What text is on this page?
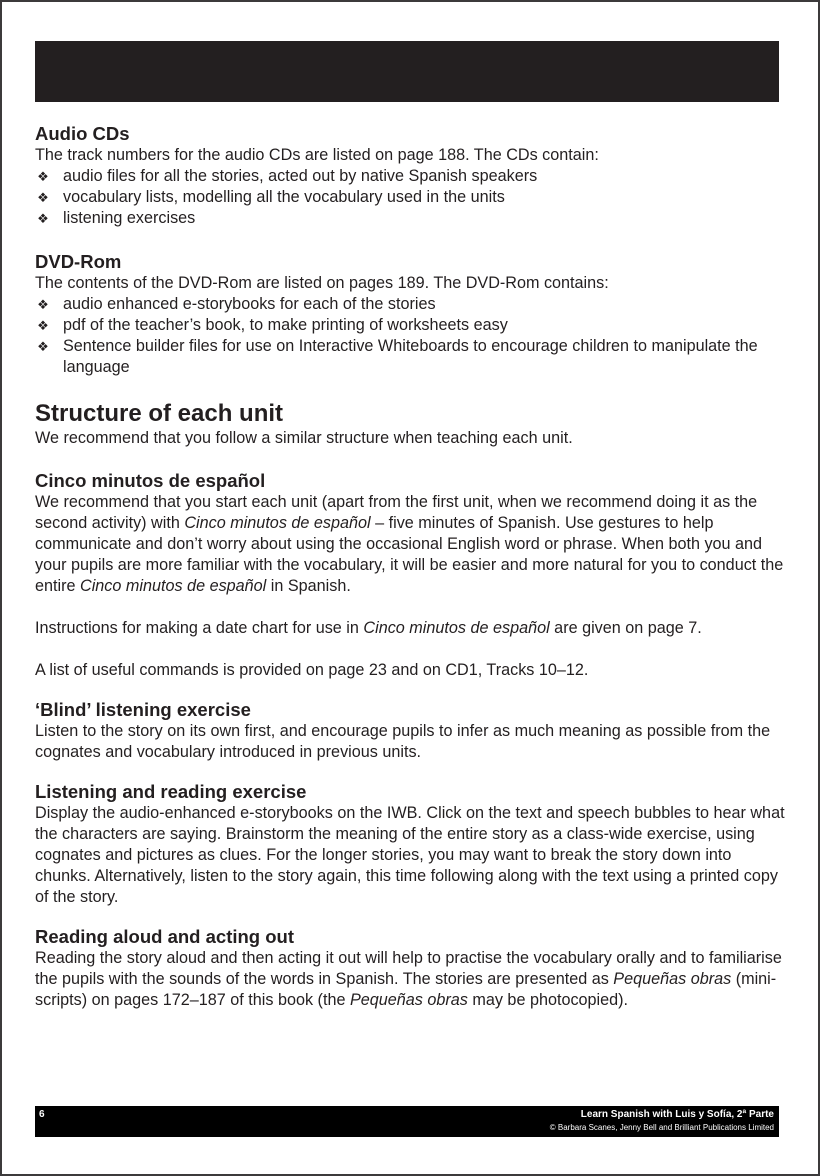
Audio CDs

The track numbers for the audio CDs are listed on page 188. The CDs contain:

❖ audio files for all the stories, acted out by native Spanish speakers
❖ vocabulary lists, modelling all the vocabulary used in the units
❖ listening exercises
DVD-Rom

The contents of the DVD-Rom are listed on pages 189. The DVD-Rom contains:

❖ audio enhanced e-storybooks for each of the stories
❖ pdf of the teacher’s book, to make printing of worksheets easy
❖ Sentence builder files for use on Interactive Whiteboards to encourage children to manipulate the language
Structure of each unit

We recommend that you follow a similar structure when teaching each unit.

Cinco minutos de español

We recommend that you start each unit (apart from the first unit, when we recommend doing it as the second activity) with Cinco minutos de español – five minutes of Spanish. Use gestures to help communicate and don’t worry about using the occasional English word or phrase. When both you and your pupils are more familiar with the vocabulary, it will be easier and more natural for you to conduct the entire Cinco minutos de español in Spanish.

Instructions for making a date chart for use in Cinco minutos de español are given on page 7.

A list of useful commands is provided on page 23 and on CD1, Tracks 10–12.

‘Blind’ listening exercise

Listen to the story on its own first, and encourage pupils to infer as much meaning as possible from the cognates and vocabulary introduced in previous units.

Listening and reading exercise

Display the audio-enhanced e-storybooks on the IWB. Click on the text and speech bubbles to hear what the characters are saying. Brainstorm the meaning of the entire story as a class-wide exercise, using cognates and pictures as clues. For the longer stories, you may want to break the story down into chunks. Alternatively, listen to the story again, this time following along with the text using a printed copy of the story.

Reading aloud and acting out

Reading the story aloud and then acting it out will help to practise the vocabulary orally and to familiarise the pupils with the sounds of the words in Spanish. The stories are presented as Pequeñas obras (mini-scripts) on pages 172–187 of this book (the Pequeñas obras may be photocopied).

6	Learn Spanish with Luis y Sofía, 2ª Parte
© Barbara Scanes, Jenny Bell and Brilliant Publications Limited
